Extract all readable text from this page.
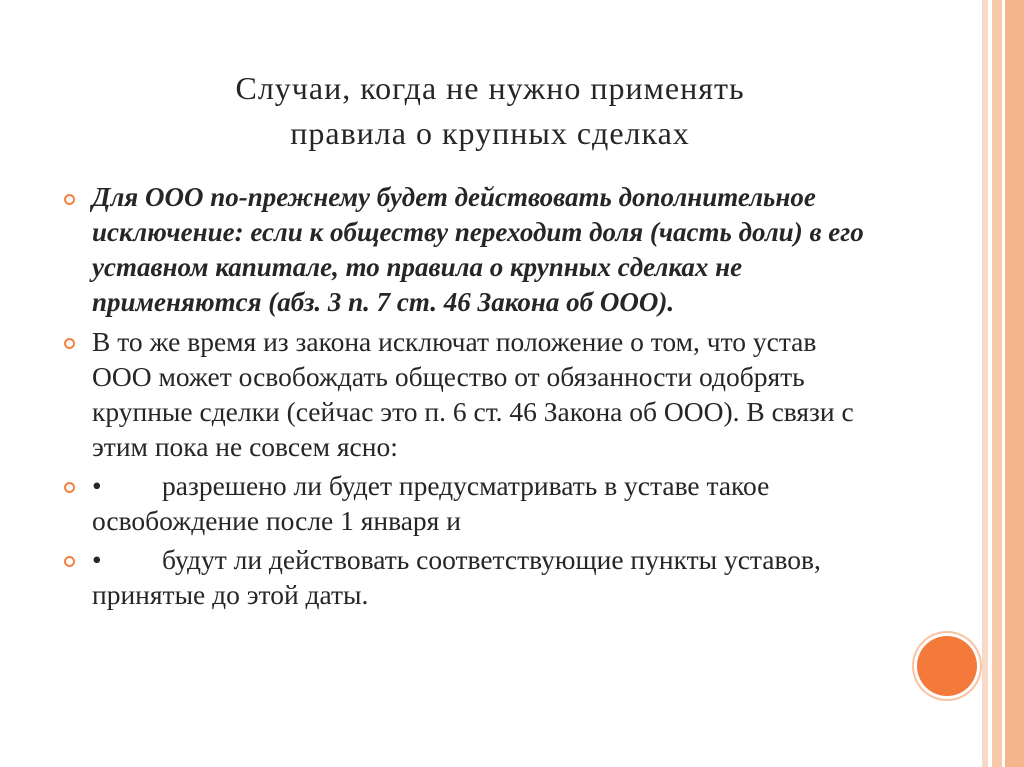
Случаи, когда не нужно применять
правила о крупных сделках
Для ООО по-прежнему будет действовать дополнительное исключение: если к обществу переходит доля (часть доли) в его уставном капитале, то правила о крупных сделках не применяются (абз. 3 п. 7 ст. 46 Закона об ООО).
В то же время из закона исключат положение о том, что устав ООО может освобождать общество от обязанности одобрять крупные сделки (сейчас это п. 6 ст. 46 Закона об ООО). В связи с этим пока не совсем ясно:
• разрешено ли будет предусматривать в уставе такое освобождение после 1 января и
• будут ли действовать соответствующие пункты уставов, принятые до этой даты.
